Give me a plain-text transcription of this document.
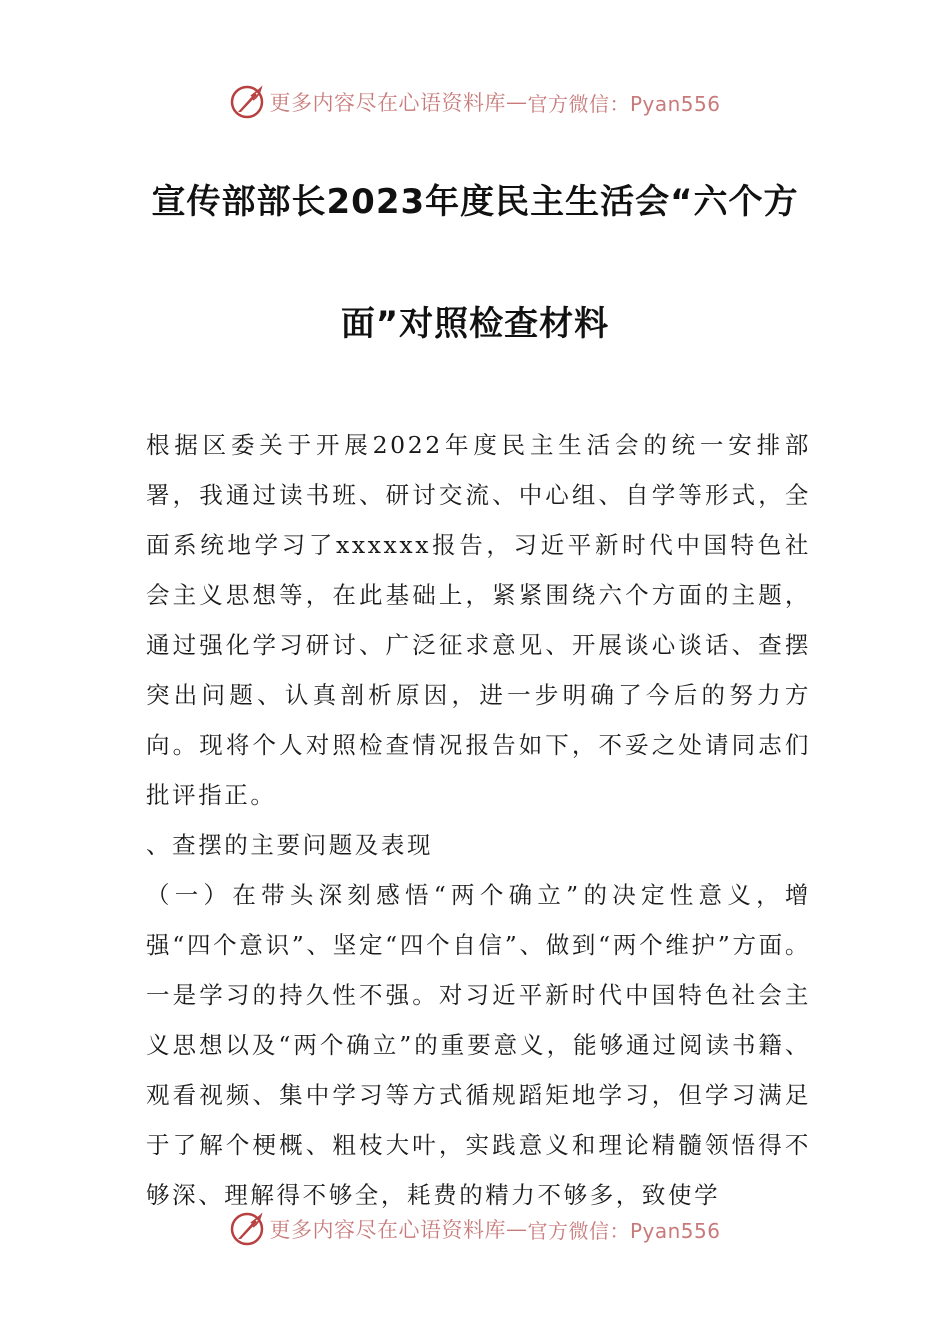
更多内容尽在心语资料库 — 官方微信：Pyan556
宣传部部长2023年度民主生活会“六个方
面”对照检查材料

根据区委关于开展2022年度民主生活会的统一安排部署，我通过读书班、研讨交流、中心组、自学等形式，全面系统地学习了xxxxxx报告，习近平新时代中国特色社会主义思想等，在此基础上，紧紧围绕六个方面的主题，通过强化学习研讨、广泛征求意见、开展谈心谈话、查摆突出问题、认真剖析原因，进一步明确了今后的努力方向。现将个人对照检查情况报告如下，不妥之处请同志们批评指正。

、查摆的主要问题及表现

（一）在带头深刻感悟“两个确立”的决定性意义，增强“四个意识”、坚定“四个自信”、做到“两个维护”方面。一是学习的持久性不强。对习近平新时代中国特色社会主义思想以及“两个确立”的重要意义，能够通过阅读书籍、观看视频、集中学习等方式循规蹈矩地学习，但学习满足于了解个梗概、粗枝大叶，实践意义和理论精髓领悟得不够深、理解得不够全，耗费的精力不够多，致使学

更多内容尽在心语资料库 — 官方微信：Pyan556
